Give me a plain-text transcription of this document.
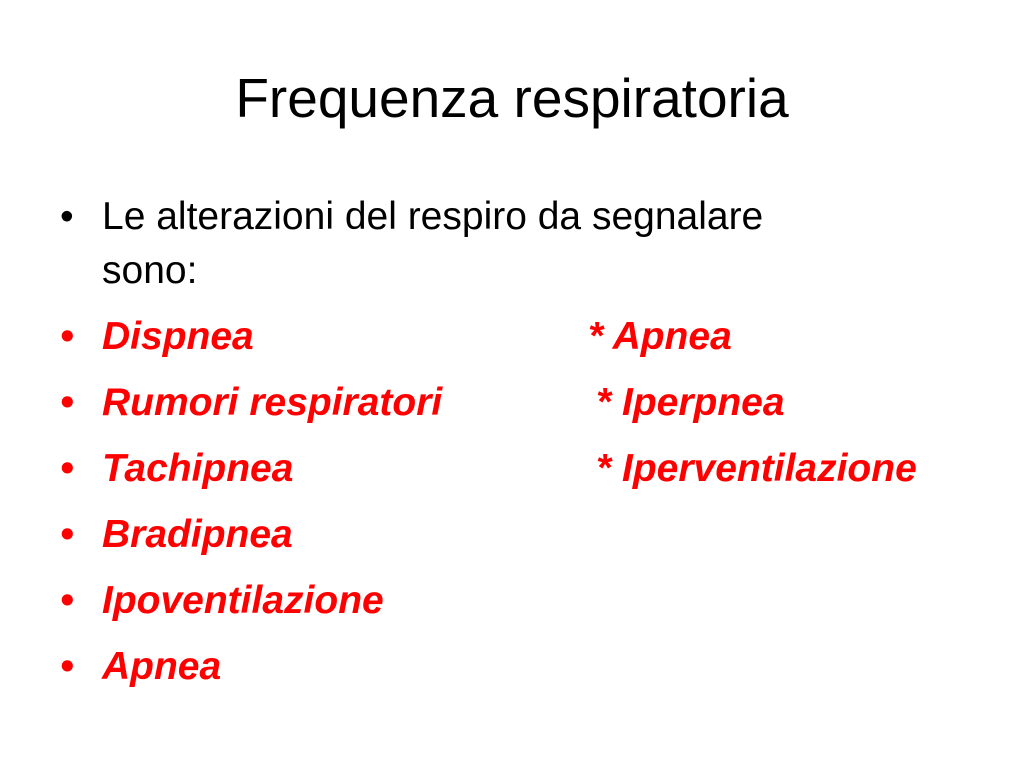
Frequenza respiratoria
• Le alterazioni del respiro da segnalare
sono:
• Dispnea	* Apnea
• Rumori respiratori	* Iperpnea
• Tachipnea	* Iperventilazione
• Bradipnea
• Ipoventilazione
• Apnea
